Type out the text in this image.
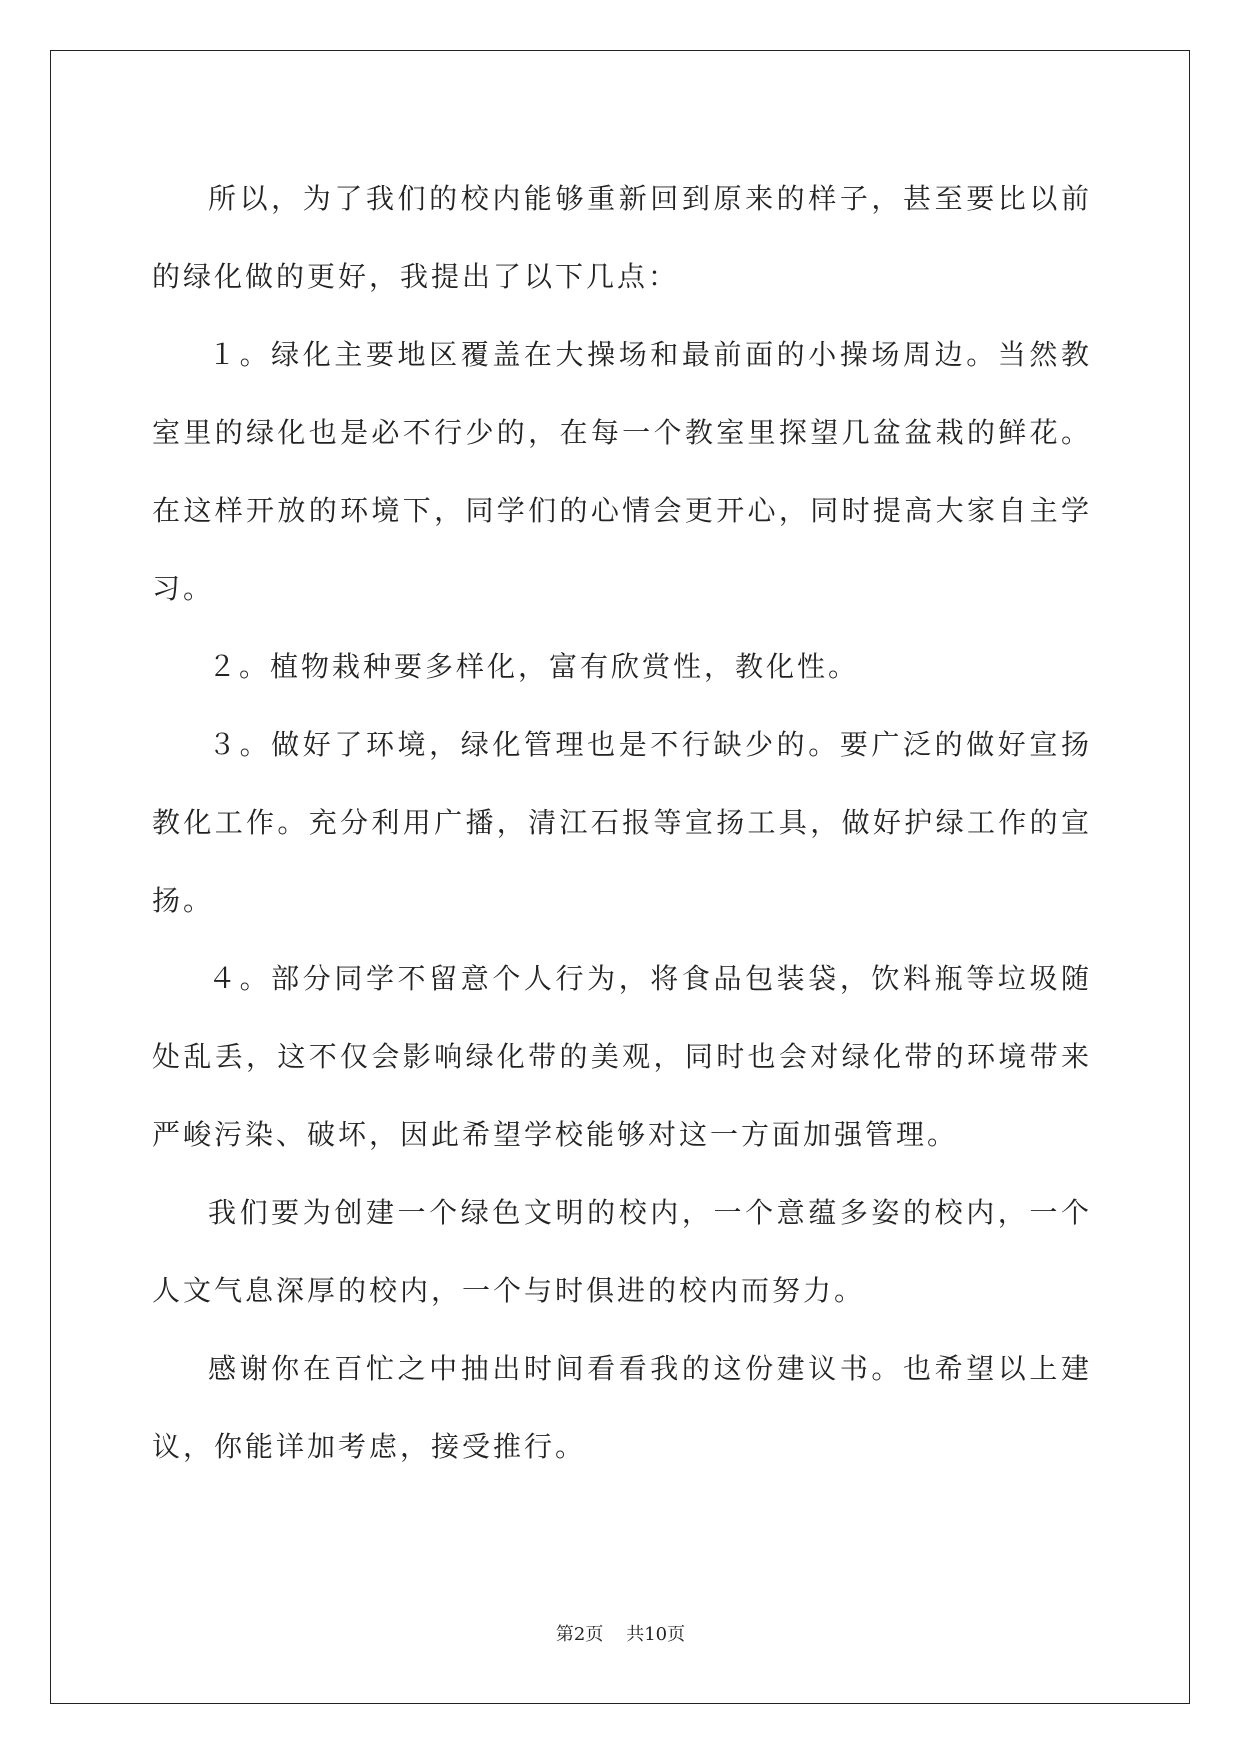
所以，为了我们的校内能够重新回到原来的样子，甚至要比以前的绿化做的更好，我提出了以下几点：

１。绿化主要地区覆盖在大操场和最前面的小操场周边。当然教室里的绿化也是必不行少的，在每一个教室里探望几盆盆栽的鲜花。在这样开放的环境下，同学们的心情会更开心，同时提高大家自主学习。

２。植物栽种要多样化，富有欣赏性，教化性。

３。做好了环境，绿化管理也是不行缺少的。要广泛的做好宣扬教化工作。充分利用广播，清江石报等宣扬工具，做好护绿工作的宣扬。

４。部分同学不留意个人行为，将食品包装袋，饮料瓶等垃圾随处乱丢，这不仅会影响绿化带的美观，同时也会对绿化带的环境带来严峻污染、破坏，因此希望学校能够对这一方面加强管理。

我们要为创建一个绿色文明的校内，一个意蕴多姿的校内，一个人文气息深厚的校内，一个与时俱进的校内而努力。

感谢你在百忙之中抽出时间看看我的这份建议书。也希望以上建议，你能详加考虑，接受推行。

第2页 共10页
